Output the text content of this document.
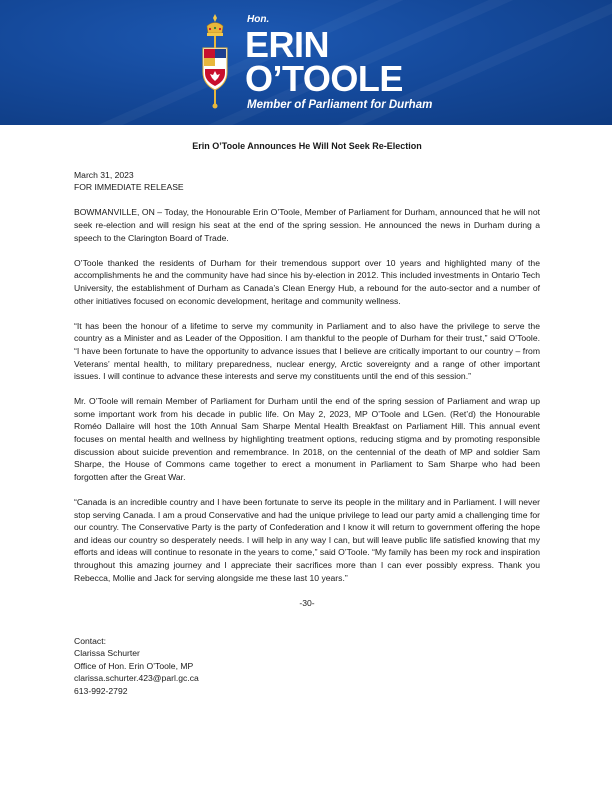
Hon.
ERIN
O’TOOLE
Member of Parliament for Durham

Erin O’Toole Announces He Will Not Seek Re-Election

March 31, 2023

FOR IMMEDIATE RELEASE

BOWMANVILLE, ON – Today, the Honourable Erin O’Toole, Member of Parliament for Durham, announced that he will not seek re-election and will resign his seat at the end of the spring session. He announced the news in Durham during a speech to the Clarington Board of Trade.

O’Toole thanked the residents of Durham for their tremendous support over 10 years and highlighted many of the accomplishments he and the community have had since his by-election in 2012. This included investments in Ontario Tech University, the establishment of Durham as Canada’s Clean Energy Hub, a rebound for the auto-sector and a number of other initiatives focused on economic development, heritage and community wellness.

“It has been the honour of a lifetime to serve my community in Parliament and to also have the privilege to serve the country as a Minister and as Leader of the Opposition. I am thankful to the people of Durham for their trust,” said O’Toole. “I have been fortunate to have the opportunity to advance issues that I believe are critically important to our country – from Veterans’ mental health, to military preparedness, nuclear energy, Arctic sovereignty and a range of other important issues. I will continue to advance these interests and serve my constituents until the end of this session.”

Mr. O’Toole will remain Member of Parliament for Durham until the end of the spring session of Parliament and wrap up some important work from his decade in public life. On May 2, 2023, MP O’Toole and LGen. (Ret’d) the Honourable Roméo Dallaire will host the 10th Annual Sam Sharpe Mental Health Breakfast on Parliament Hill. This annual event focuses on mental health and wellness by highlighting treatment options, reducing stigma and by promoting responsible discussion about suicide prevention and remembrance. In 2018, on the centennial of the death of MP and soldier Sam Sharpe, the House of Commons came together to erect a monument in Parliament to Sam Sharpe who had been forgotten after the Great War.

“Canada is an incredible country and I have been fortunate to serve its people in the military and in Parliament. I will never stop serving Canada. I am a proud Conservative and had the unique privilege to lead our party amid a challenging time for our country. The Conservative Party is the party of Confederation and I know it will return to government offering the hope and ideas our country so desperately needs. I will help in any way I can, but will leave public life satisfied knowing that my efforts and ideas will continue to resonate in the years to come,” said O’Toole. “My family has been my rock and inspiration throughout this amazing journey and I appreciate their sacrifices more than I can ever possibly express. Thank you Rebecca, Mollie and Jack for serving alongside me these last 10 years.”

-30-

Contact:

Clarissa Schurter

Office of Hon. Erin O’Toole, MP

clarissa.schurter.423@parl.gc.ca

613-992-2792
